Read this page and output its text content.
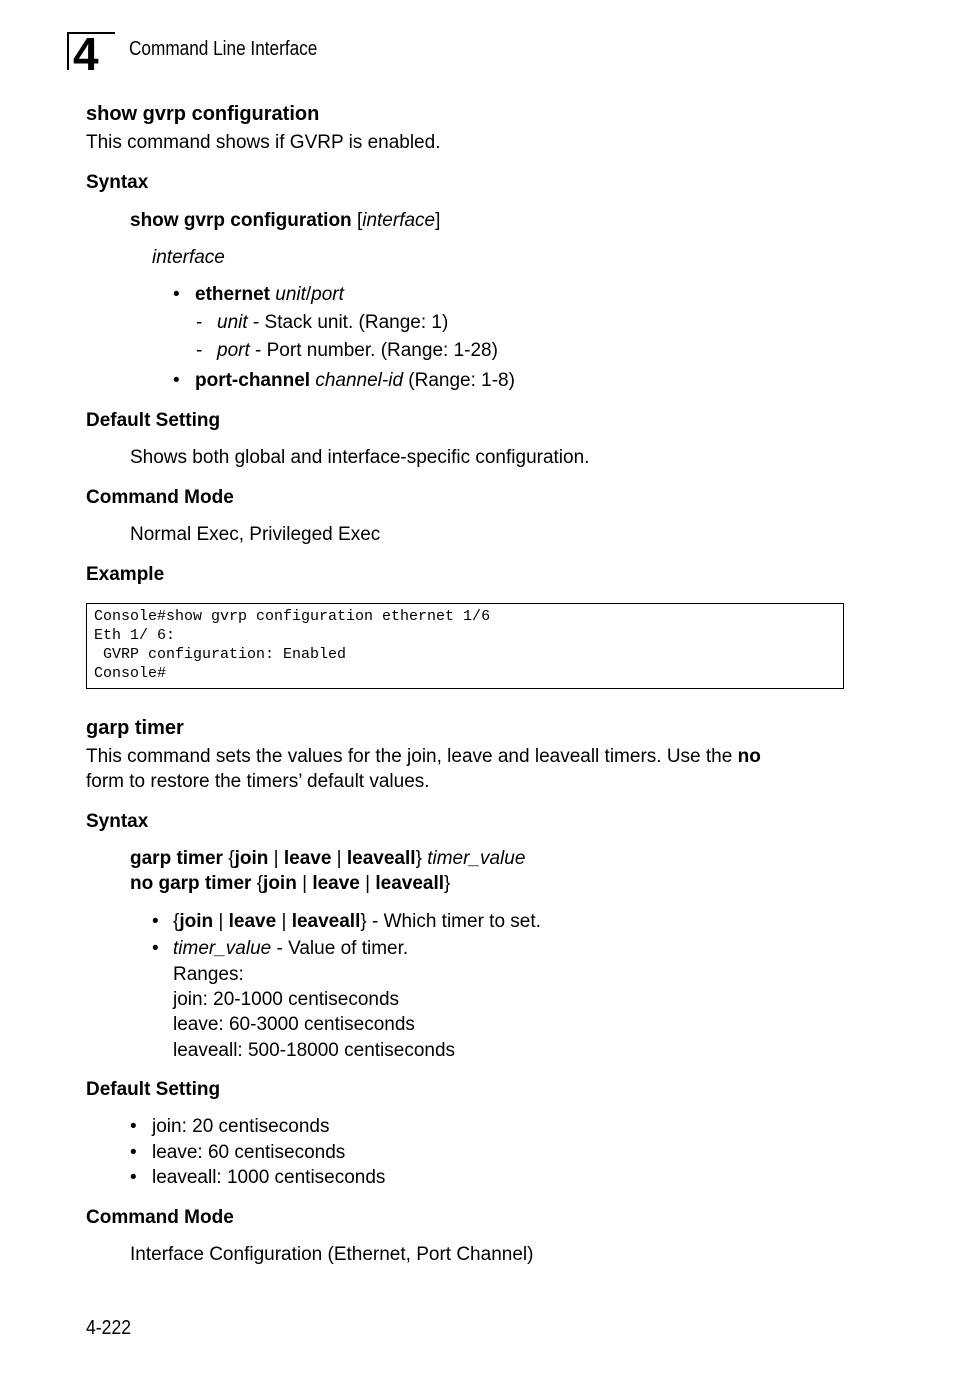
4	Command Line Interface
show gvrp configuration
This command shows if GVRP is enabled.
Syntax
show gvrp configuration [interface]
interface
• ethernet unit/port
- unit - Stack unit. (Range: 1)
- port - Port number. (Range: 1-28)
• port-channel channel-id (Range: 1-8)
Default Setting
Shows both global and interface-specific configuration.
Command Mode
Normal Exec, Privileged Exec
Example
Console#show gvrp configuration ethernet 1/6
Eth 1/ 6:
GVRP configuration: Enabled
Console#
garp timer
This command sets the values for the join, leave and leaveall timers. Use the no
form to restore the timers’ default values.
Syntax
garp timer {join | leave | leaveall} timer_value
no garp timer {join | leave | leaveall}
• {join | leave | leaveall} - Which timer to set.
• timer_value - Value of timer.
Ranges:
join: 20-1000 centiseconds
leave: 60-3000 centiseconds
leaveall: 500-18000 centiseconds
Default Setting
• join: 20 centiseconds
• leave: 60 centiseconds
• leaveall: 1000 centiseconds
Command Mode
Interface Configuration (Ethernet, Port Channel)
4-222
